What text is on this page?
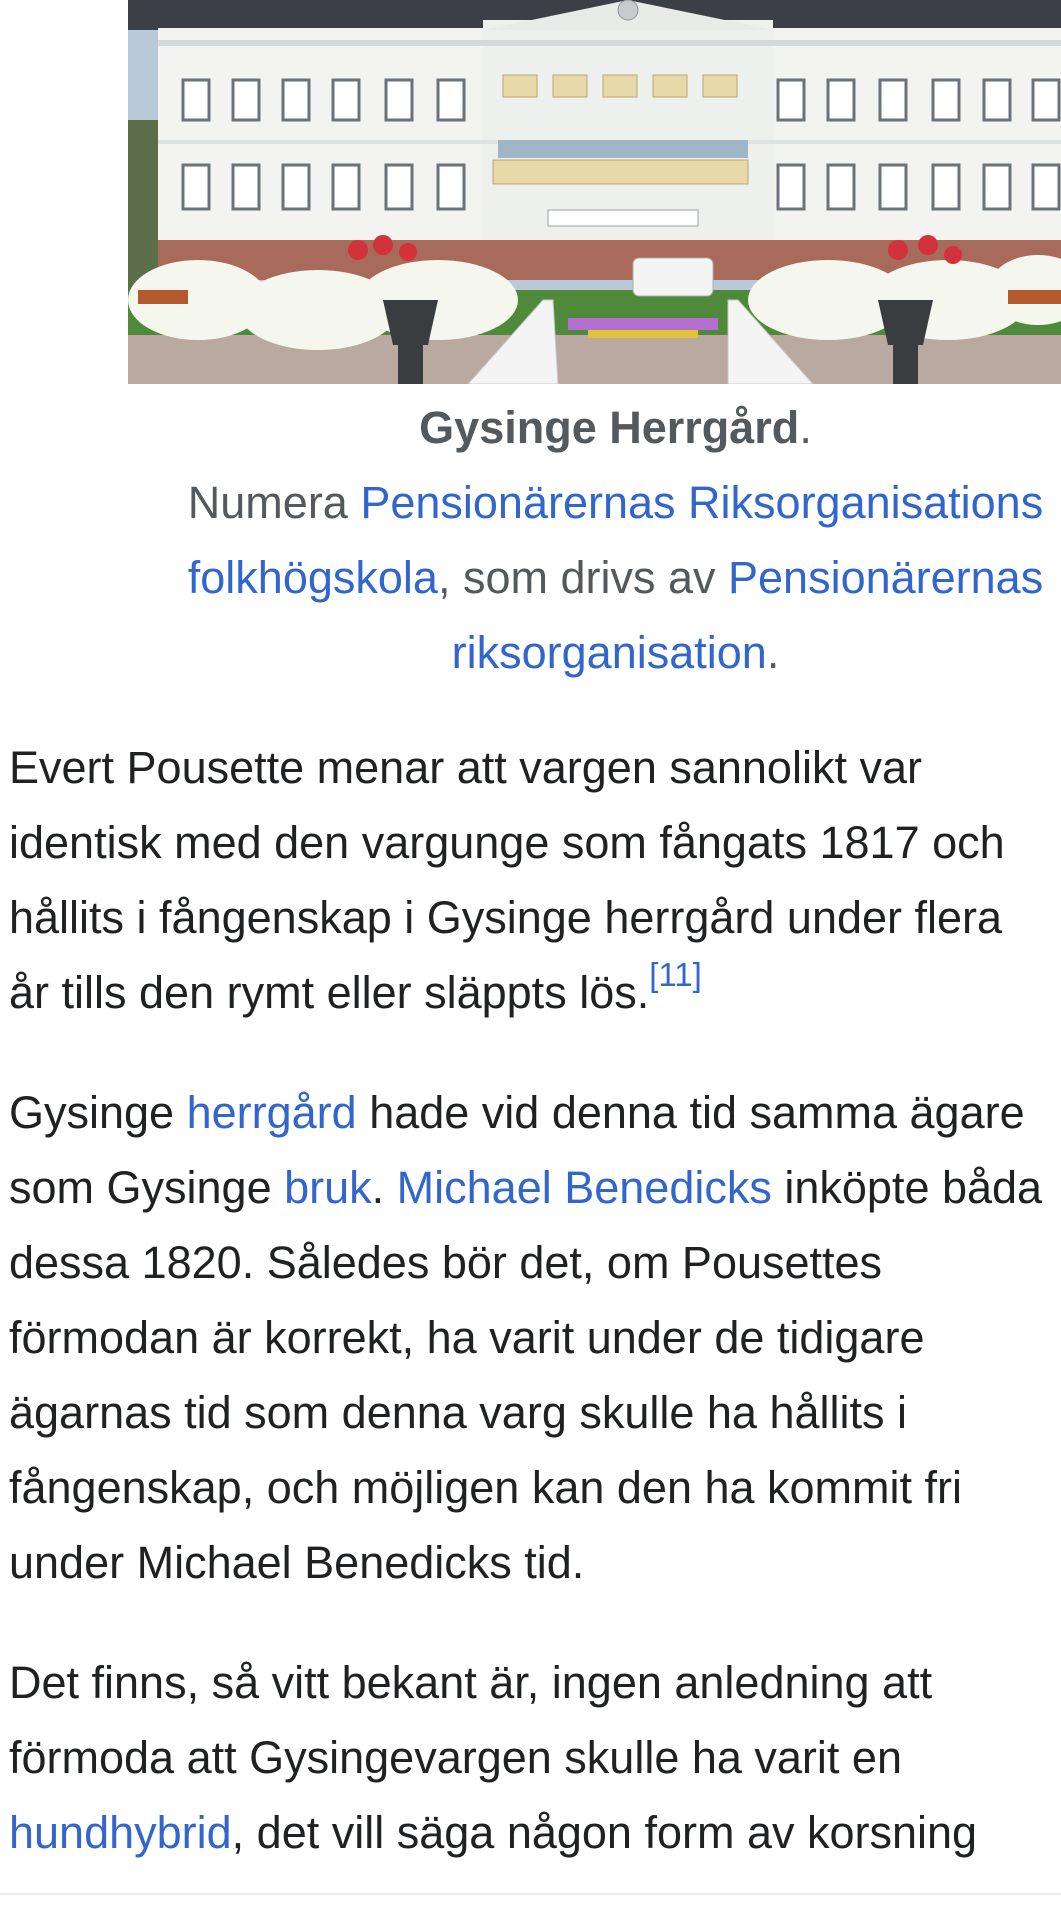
Gysinge Herrgård.
Numera Pensionärernas Riksorganisations folkhögskola, som drivs av Pensionärernas riksorganisation.

Evert Pousette menar att vargen sannolikt var identisk med den vargunge som fångats 1817 och hållits i fångenskap i Gysinge herrgård under flera år tills den rymt eller släppts lös.[11]

Gysinge herrgård hade vid denna tid samma ägare som Gysinge bruk. Michael Benedicks inköpte båda dessa 1820. Således bör det, om Pousettes förmodan är korrekt, ha varit under de tidigare ägarnas tid som denna varg skulle ha hållits i fångenskap, och möjligen kan den ha kommit fri under Michael Benedicks tid.

Det finns, så vitt bekant är, ingen anledning att förmoda att Gysingevargen skulle ha varit en hundhybrid, det vill säga någon form av korsning
